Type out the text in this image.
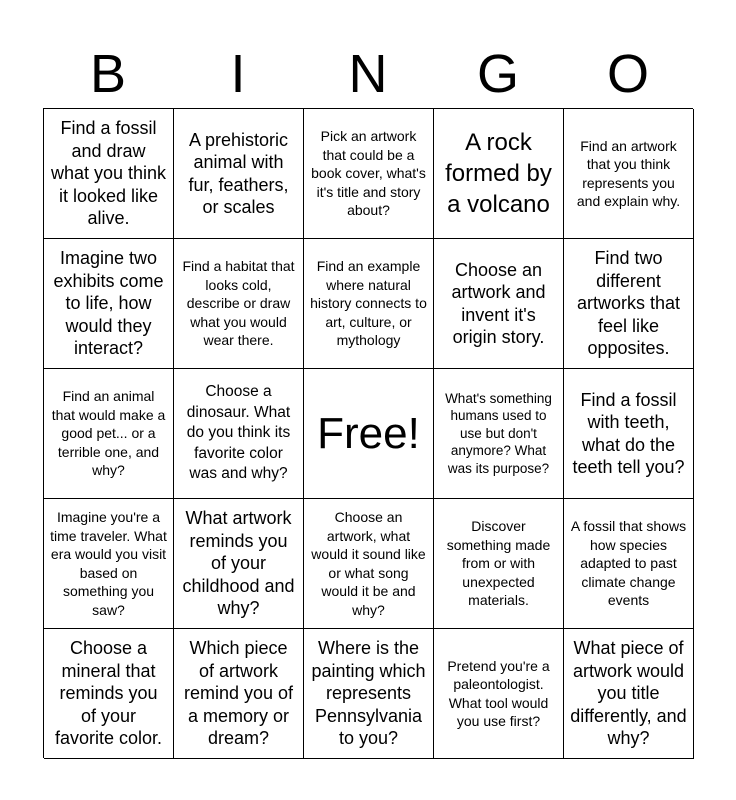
B	I	N	G	O
Find a fossil and draw what you think it looked like alive.
A prehistoric animal with fur, feathers, or scales
Pick an artwork that could be a book cover, what's it's title and story about?
A rock formed by a volcano
Find an artwork that you think represents you and explain why.
Imagine two exhibits come to life, how would they interact?
Find a habitat that looks cold, describe or draw what you would wear there.
Find an example where natural history connects to art, culture, or mythology
Choose an artwork and invent it's origin story.
Find two different artworks that feel like opposites.
Find an animal that would make a good pet... or a terrible one, and why?
Choose a dinosaur. What do you think its favorite color was and why?
Free!
What's something humans used to use but don't anymore? What was its purpose?
Find a fossil with teeth, what do the teeth tell you?
Imagine you're a time traveler. What era would you visit based on something you saw?
What artwork reminds you of your childhood and why?
Choose an artwork, what would it sound like or what song would it be and why?
Discover something made from or with unexpected materials.
A fossil that shows how species adapted to past climate change events
Choose a mineral that reminds you of your favorite color.
Which piece of artwork remind you of a memory or dream?
Where is the painting which represents Pennsylvania to you?
Pretend you're a paleontologist. What tool would you use first?
What piece of artwork would you title differently, and why?
